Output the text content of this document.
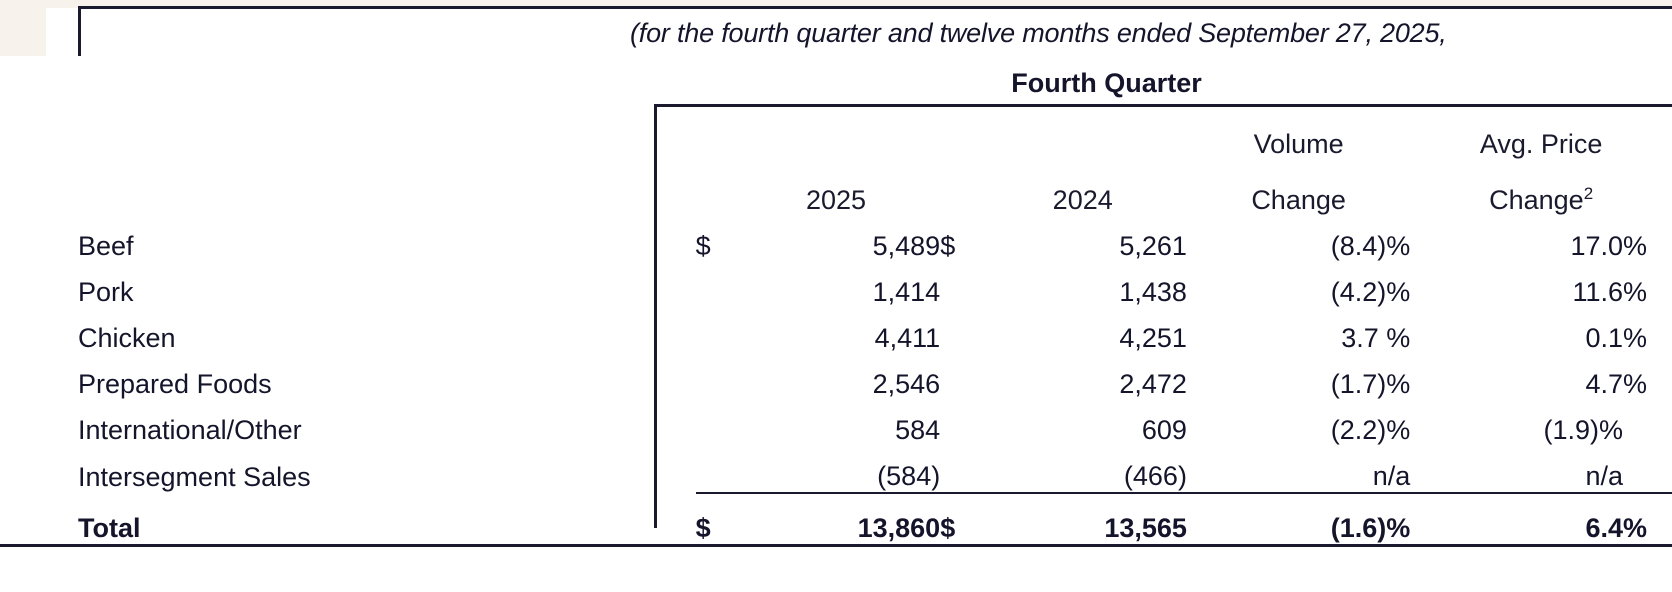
(for the fourth quarter and twelve months ended September 27, 2025,
Fourth Quarter
					Volume	Avg. Price	
		2025		2024	Change	Change$^2$
Beef	$	5,489	$	5,261	(8.4)%	17.0	%
Pork		1,414		1,438	(4.2)%	11.6	%
Chicken		4,411		4,251	3.7 %	0.1	%
Prepared Foods		2,546		2,472	(1.7)%	4.7	%
International/Other		584		609	(2.2)%	(1.9)%	
Intersegment Sales		(584)		(466)	n/a	n/a	
Total	$	13,860	$	13,565	(1.6)%	6.4	%
